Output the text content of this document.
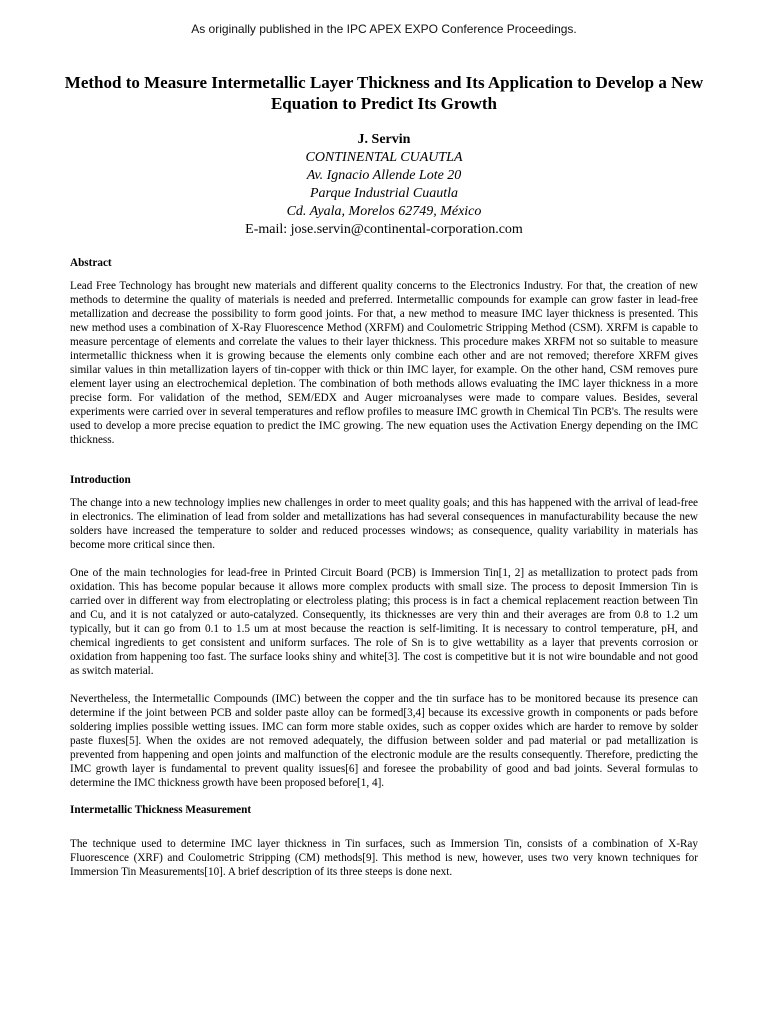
As originally published in the IPC APEX EXPO Conference Proceedings.
Method to Measure Intermetallic Layer Thickness and Its Application to Develop a New Equation to Predict Its Growth
J. Servin
CONTINENTAL CUAUTLA
Av. Ignacio Allende Lote 20
Parque Industrial Cuautla
Cd. Ayala, Morelos 62749, México
E-mail: jose.servin@continental-corporation.com
Abstract

Lead Free Technology has brought new materials and different quality concerns to the Electronics Industry. For that, the creation of new methods to determine the quality of materials is needed and preferred. Intermetallic compounds for example can grow faster in lead-free metallization and decrease the possibility to form good joints. For that, a new method to measure IMC layer thickness is presented. This new method uses a combination of X-Ray Fluorescence Method (XRFM) and Coulometric Stripping Method (CSM). XRFM is capable to measure percentage of elements and correlate the values to their layer thickness. This procedure makes XRFM not so suitable to measure intermetallic thickness when it is growing because the elements only combine each other and are not removed; therefore XRFM gives similar values in thin metallization layers of tin-copper with thick or thin IMC layer, for example. On the other hand, CSM removes pure element layer using an electrochemical depletion. The combination of both methods allows evaluating the IMC layer thickness in a more precise form. For validation of the method, SEM/EDX and Auger microanalyses were made to compare values. Besides, several experiments were carried over in several temperatures and reflow profiles to measure IMC growth in Chemical Tin PCB's. The results were used to develop a more precise equation to predict the IMC growing. The new equation uses the Activation Energy depending on the IMC thickness.

Introduction

The change into a new technology implies new challenges in order to meet quality goals; and this has happened with the arrival of lead-free in electronics. The elimination of lead from solder and metallizations has had several consequences in manufacturability because the new solders have increased the temperature to solder and reduced processes windows; as consequence, quality variability in materials has become more critical since then.

One of the main technologies for lead-free in Printed Circuit Board (PCB) is Immersion Tin[1, 2] as metallization to protect pads from oxidation. This has become popular because it allows more complex products with small size. The process to deposit Immersion Tin is carried over in different way from electroplating or electroless plating; this process is in fact a chemical replacement reaction between Tin and Cu, and it is not catalyzed or auto-catalyzed. Consequently, its thicknesses are very thin and their averages are from 0.8 to 1.2 um typically, but it can go from 0.1 to 1.5 um at most because the reaction is self-limiting. It is necessary to control temperature, pH, and chemical ingredients to get consistent and uniform surfaces. The role of Sn is to give wettability as a layer that prevents corrosion or oxidation from happening too fast. The surface looks shiny and white[3]. The cost is competitive but it is not wire boundable and not good as switch material.

Nevertheless, the Intermetallic Compounds (IMC) between the copper and the tin surface has to be monitored because its presence can determine if the joint between PCB and solder paste alloy can be formed[3,4] because its excessive growth in components or pads before soldering implies possible wetting issues. IMC can form more stable oxides, such as copper oxides which are harder to remove by solder paste fluxes[5]. When the oxides are not removed adequately, the diffusion between solder and pad material or pad metallization is prevented from happening and open joints and malfunction of the electronic module are the results consequently. Therefore, predicting the IMC growth layer is fundamental to prevent quality issues[6] and foresee the probability of good and bad joints. Several formulas to determine the IMC thickness growth have been proposed before[1, 4].

Intermetallic Thickness Measurement

The technique used to determine IMC layer thickness in Tin surfaces, such as Immersion Tin, consists of a combination of X-Ray Fluorescence (XRF) and Coulometric Stripping (CM) methods[9]. This method is new, however, uses two very known techniques for Immersion Tin Measurements[10]. A brief description of its three steeps is done next.
